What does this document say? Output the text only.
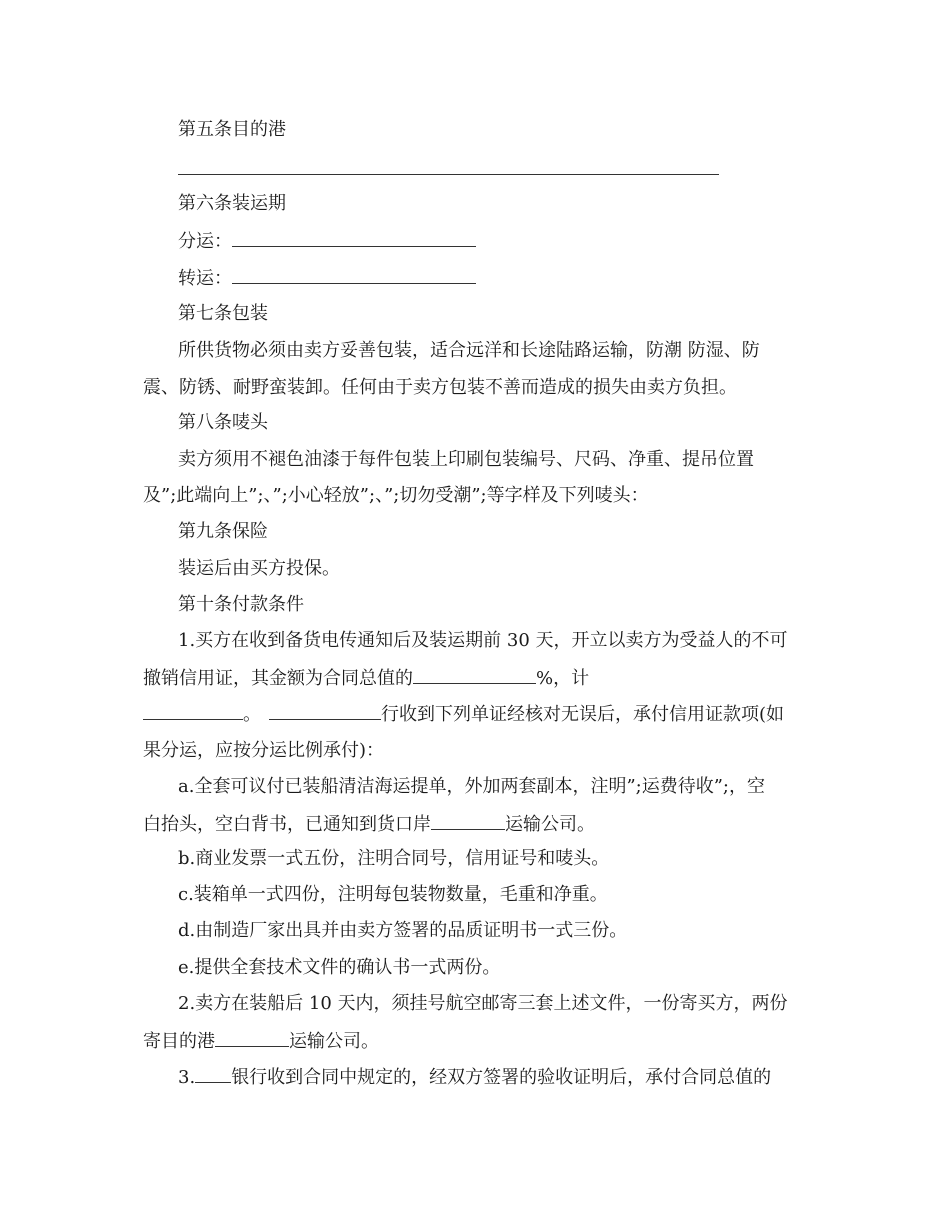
第五条目的港
第六条装运期
分运：
转运：
第七条包装
所供货物必须由卖方妥善包装，适合远洋和长途陆路运输，防潮 防湿、防
震、防锈、耐野蛮装卸。任何由于卖方包装不善而造成的损失由卖方负担。
第八条唛头
卖方须用不褪色油漆于每件包装上印刷包装编号、尺码、净重、提吊位置
及”;此端向上”;、”;小心轻放”;、”;切勿受潮”;等字样及下列唛头：
第九条保险
装运后由买方投保。
第十条付款条件
1.买方在收到备货电传通知后及装运期前 30 天，开立以卖方为受益人的不可
撤销信用证，其金额为合同总值的	%，计
。	行收到下列单证经核对无误后，承付信用证款项(如
果分运，应按分运比例承付)：
a.全套可议付已装船清洁海运提单，外加两套副本，注明”;运费待收”;，空
白抬头，空白背书，已通知到货口岸	运输公司。
b.商业发票一式五份，注明合同号，信用证号和唛头。
c.装箱单一式四份，注明每包装物数量，毛重和净重。
d.由制造厂家出具并由卖方签署的品质证明书一式三份。
e.提供全套技术文件的确认书一式两份。
2.卖方在装船后 10 天内，须挂号航空邮寄三套上述文件，一份寄买方，两份
寄目的港	运输公司。
3. 银行收到合同中规定的，经双方签署的验收证明后，承付合同总值的
